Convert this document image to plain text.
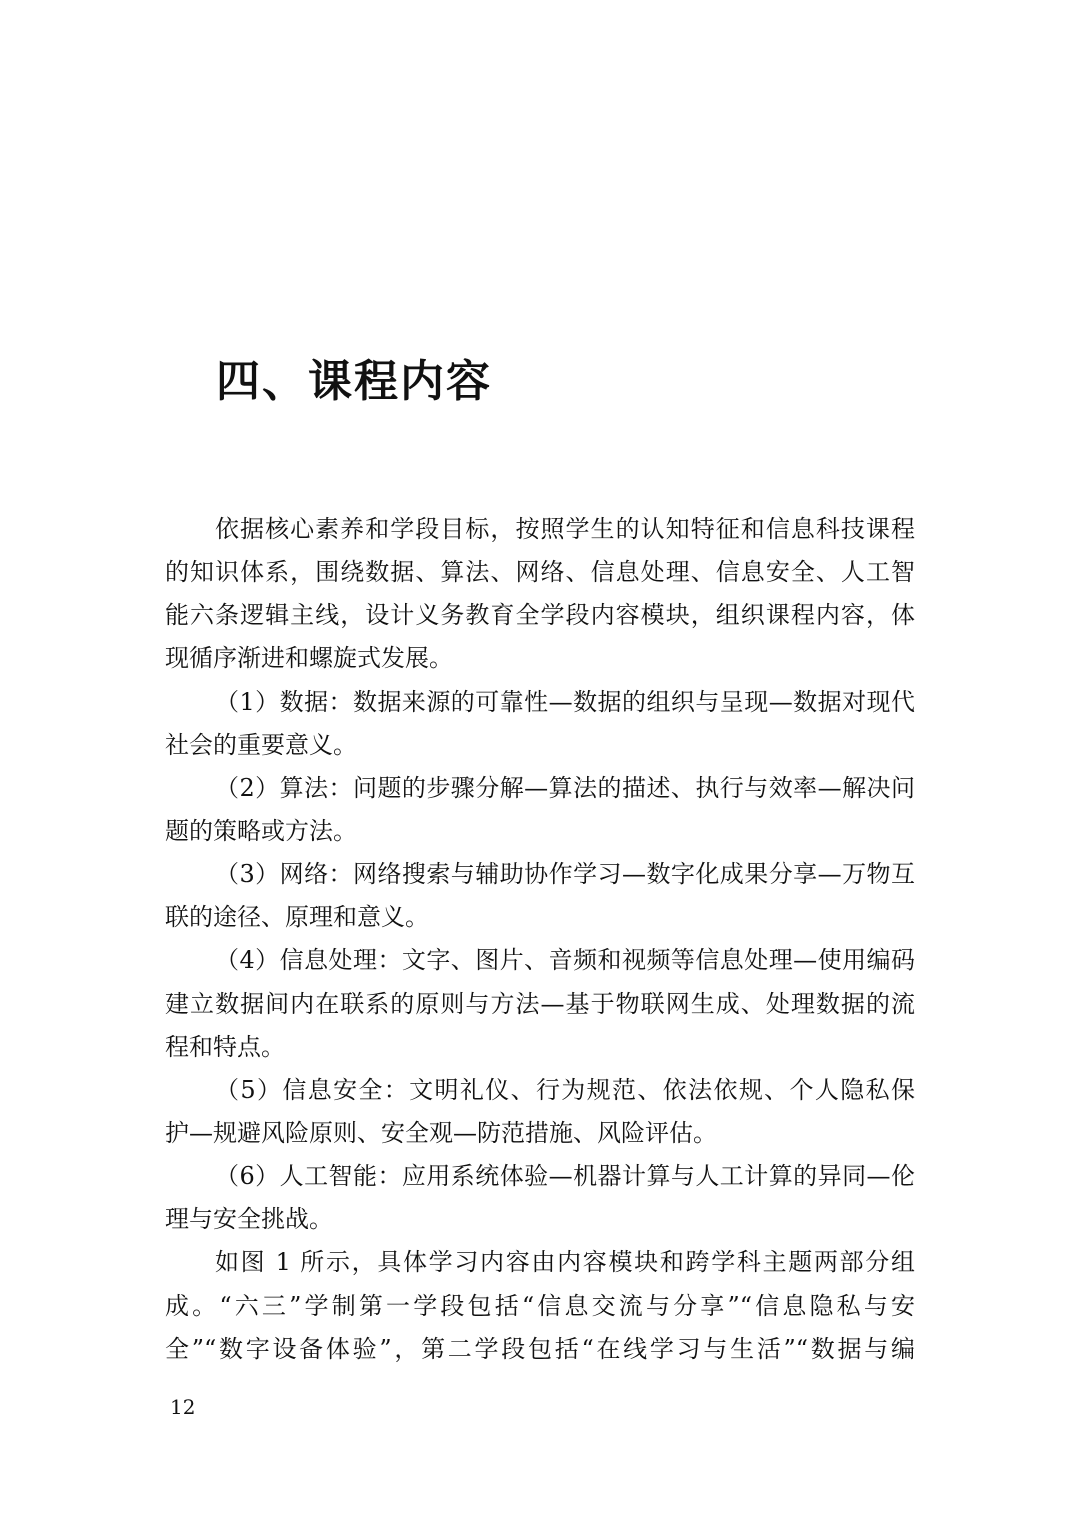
四、课程内容
依据核心素养和学段目标，按照学生的认知特征和信息科技课程
的知识体系，围绕数据、算法、网络、信息处理、信息安全、人工智
能六条逻辑主线，设计义务教育全学段内容模块，组织课程内容，体
现循序渐进和螺旋式发展。
（1）数据：数据来源的可靠性—数据的组织与呈现—数据对现代
社会的重要意义。
（2）算法：问题的步骤分解—算法的描述、执行与效率—解决问
题的策略或方法。
（3）网络：网络搜索与辅助协作学习—数字化成果分享—万物互
联的途径、原理和意义。
（4）信息处理：文字、图片、音频和视频等信息处理—使用编码
建立数据间内在联系的原则与方法—基于物联网生成、处理数据的流
程和特点。
（5）信息安全：文明礼仪、行为规范、依法依规、个人隐私保
护—规避风险原则、安全观—防范措施、风险评估。
（6）人工智能：应用系统体验—机器计算与人工计算的异同—伦
理与安全挑战。
如图 1 所示，具体学习内容由内容模块和跨学科主题两部分组
成。“六三”学制第一学段包括“信息交流与分享”“信息隐私与安
全”“数字设备体验”，第二学段包括“在线学习与生活”“数据与编
12
